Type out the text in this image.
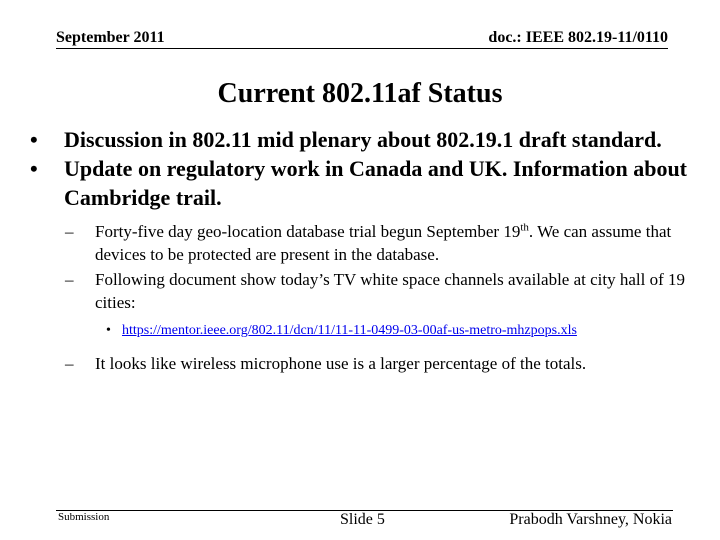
September 2011	doc.: IEEE 802.19-11/0110
Current 802.11af Status
• Discussion in 802.11 mid plenary about 802.19.1 draft standard.
• Update on regulatory work in Canada and UK. Information about Cambridge trail.
– Forty-five day geo-location database trial begun September 19th. We can assume that devices to be protected are present in the database.
– Following document show today’s TV white space channels available at city hall of 19 cities:
• https://mentor.ieee.org/802.11/dcn/11/11-11-0499-03-00af-us-metro-mhzpops.xls
– It looks like wireless microphone use is a larger percentage of the totals.
Submission	Slide 5	Prabodh Varshney, Nokia
